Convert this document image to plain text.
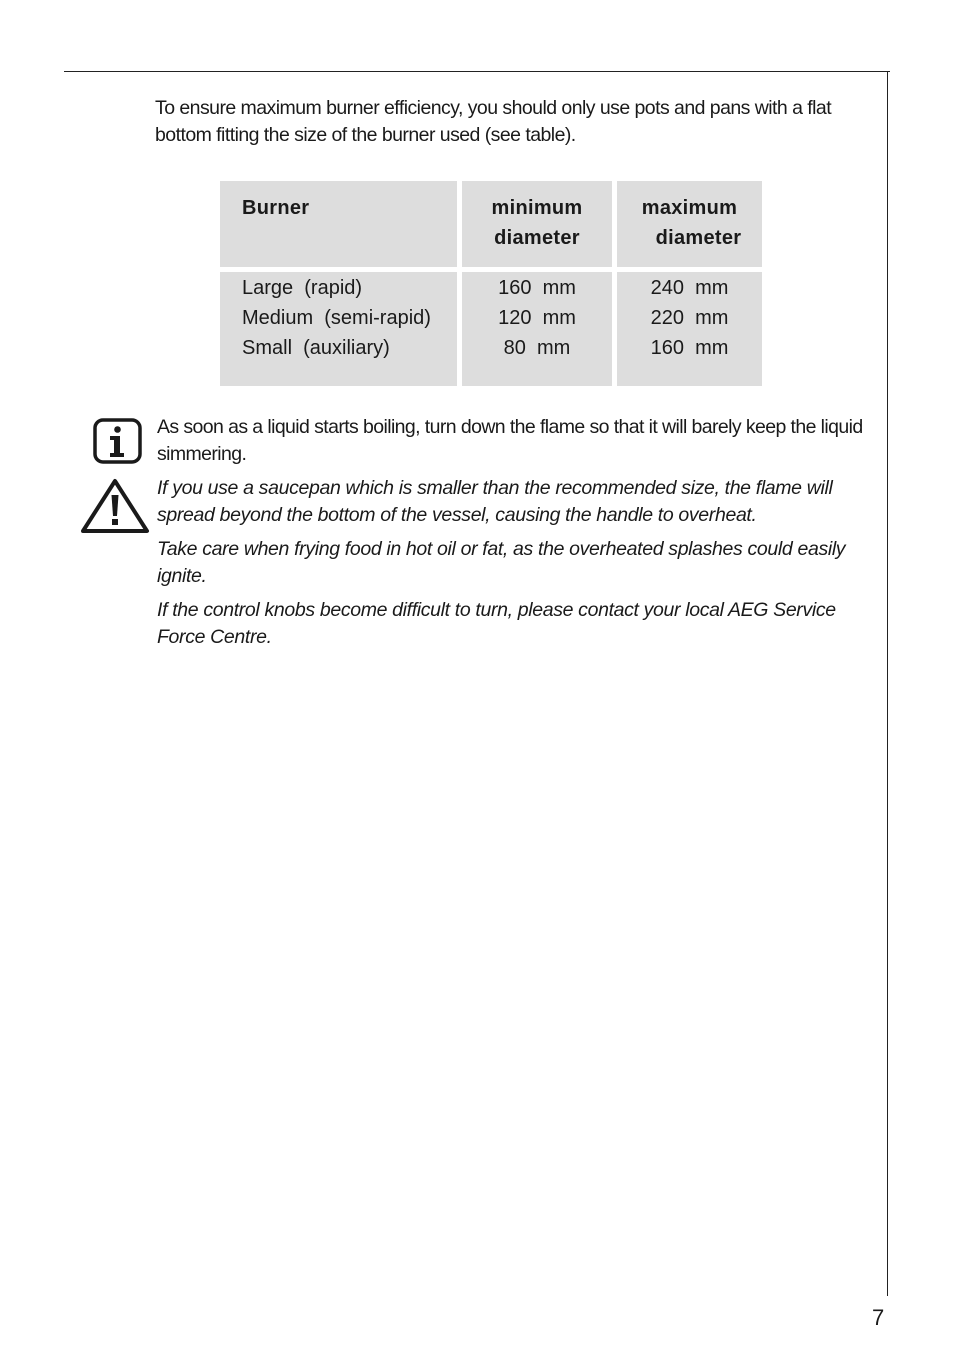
To ensure maximum burner efficiency, you should only use pots and pans with a flat bottom fitting the size of the burner used (see table).

Burner	minimum
diameter
maximum
diameter
Large  (rapid)
Medium  (semi-rapid)
Small  (auxiliary)
160  mm
120  mm
80  mm
240  mm
220  mm
160  mm

As soon as a liquid starts boiling, turn down the flame so that it will barely keep the liquid simmering.

If you use a saucepan which is smaller than the recommended size, the flame will spread beyond the bottom of the vessel, causing the handle to overheat.

Take care when frying food in hot oil or fat, as the overheated splashes could easily ignite.

If the control knobs become difficult to turn, please contact your local AEG Service Force Centre.

7
